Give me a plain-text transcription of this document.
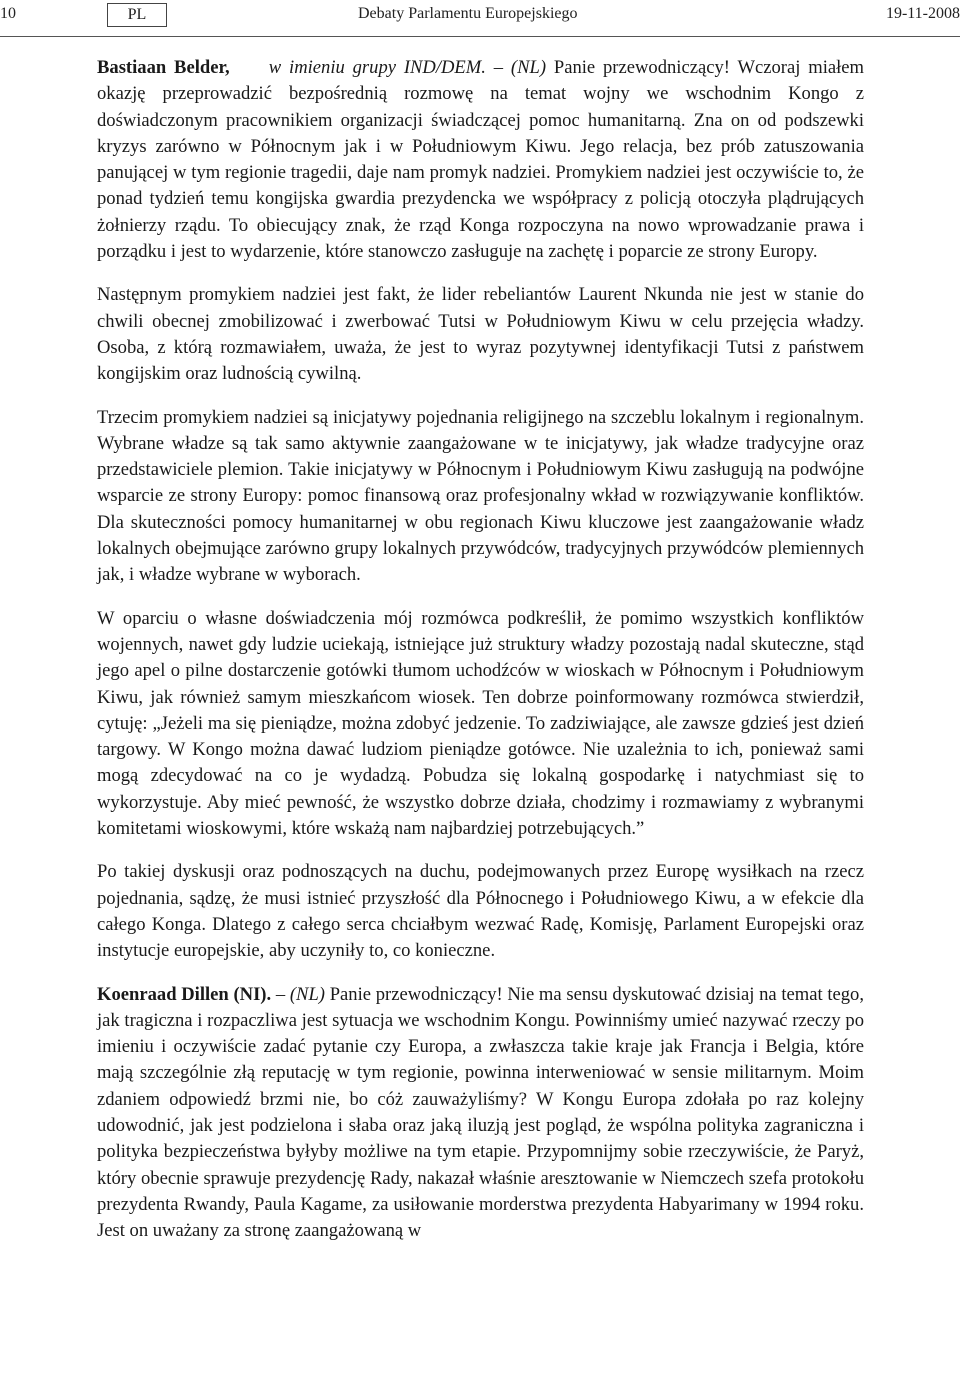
10	PL	Debaty Parlamentu Europejskiego	19-11-2008

Bastiaan Belder, w imieniu grupy IND/DEM. – (NL) Panie przewodniczący! Wczoraj miałem okazję przeprowadzić bezpośrednią rozmowę na temat wojny we wschodnim Kongo z doświadczonym pracownikiem organizacji świadczącej pomoc humanitarną. Zna on od podszewki kryzys zarówno w Północnym jak i w Południowym Kiwu. Jego relacja, bez prób zatuszowania panującej w tym regionie tragedii, daje nam promyk nadziei. Promykiem nadziei jest oczywiście to, że ponad tydzień temu kongijska gwardia prezydencka we współpracy z policją otoczyła plądrujących żołnierzy rządu. To obiecujący znak, że rząd Konga rozpoczyna na nowo wprowadzanie prawa i porządku i jest to wydarzenie, które stanowczo zasługuje na zachętę i poparcie ze strony Europy.

Następnym promykiem nadziei jest fakt, że lider rebeliantów Laurent Nkunda nie jest w stanie do chwili obecnej zmobilizować i zwerbować Tutsi w Południowym Kiwu w celu przejęcia władzy. Osoba, z którą rozmawiałem, uważa, że jest to wyraz pozytywnej identyfikacji Tutsi z państwem kongijskim oraz ludnością cywilną.

Trzecim promykiem nadziei są inicjatywy pojednania religijnego na szczeblu lokalnym i regionalnym. Wybrane władze są tak samo aktywnie zaangażowane w te inicjatywy, jak władze tradycyjne oraz przedstawiciele plemion. Takie inicjatywy w Północnym i Południowym Kiwu zasługują na podwójne wsparcie ze strony Europy: pomoc finansową oraz profesjonalny wkład w rozwiązywanie konfliktów. Dla skuteczności pomocy humanitarnej w obu regionach Kiwu kluczowe jest zaangażowanie władz lokalnych obejmujące zarówno grupy lokalnych przywódców, tradycyjnych przywódców plemiennych jak, i władze wybrane w wyborach.

W oparciu o własne doświadczenia mój rozmówca podkreślił, że pomimo wszystkich konfliktów wojennych, nawet gdy ludzie uciekają, istniejące już struktury władzy pozostają nadal skuteczne, stąd jego apel o pilne dostarczenie gotówki tłumom uchodźców w wioskach w Północnym i Południowym Kiwu, jak również samym mieszkańcom wiosek. Ten dobrze poinformowany rozmówca stwierdził, cytuję: „Jeżeli ma się pieniądze, można zdobyć jedzenie. To zadziwiające, ale zawsze gdzieś jest dzień targowy. W Kongo można dawać ludziom pieniądze gotówce. Nie uzależnia to ich, ponieważ sami mogą zdecydować na co je wydadzą. Pobudza się lokalną gospodarkę i natychmiast się to wykorzystuje. Aby mieć pewność, że wszystko dobrze działa, chodzimy i rozmawiamy z wybranymi komitetami wioskowymi, które wskażą nam najbardziej potrzebujących.”

Po takiej dyskusji oraz podnoszących na duchu, podejmowanych przez Europę wysiłkach na rzecz pojednania, sądzę, że musi istnieć przyszłość dla Północnego i Południowego Kiwu, a w efekcie dla całego Konga. Dlatego z całego serca chciałbym wezwać Radę, Komisję, Parlament Europejski oraz instytucje europejskie, aby uczyniły to, co konieczne.

Koenraad Dillen (NI). – (NL) Panie przewodniczący! Nie ma sensu dyskutować dzisiaj na temat tego, jak tragiczna i rozpaczliwa jest sytuacja we wschodnim Kongu. Powinniśmy umieć nazywać rzeczy po imieniu i oczywiście zadać pytanie czy Europa, a zwłaszcza takie kraje jak Francja i Belgia, które mają szczególnie złą reputację w tym regionie, powinna interweniować w sensie militarnym. Moim zdaniem odpowiedź brzmi nie, bo cóż zauważyliśmy? W Kongu Europa zdołała po raz kolejny udowodnić, jak jest podzielona i słaba oraz jaką iluzją jest pogląd, że wspólna polityka zagraniczna i polityka bezpieczeństwa byłyby możliwe na tym etapie. Przypomnijmy sobie rzeczywiście, że Paryż, który obecnie sprawuje prezydencję Rady, nakazał właśnie aresztowanie w Niemczech szefa protokołu prezydenta Rwandy, Paula Kagame, za usiłowanie morderstwa prezydenta Habyarimany w 1994 roku. Jest on uważany za stronę zaangażowaną w
